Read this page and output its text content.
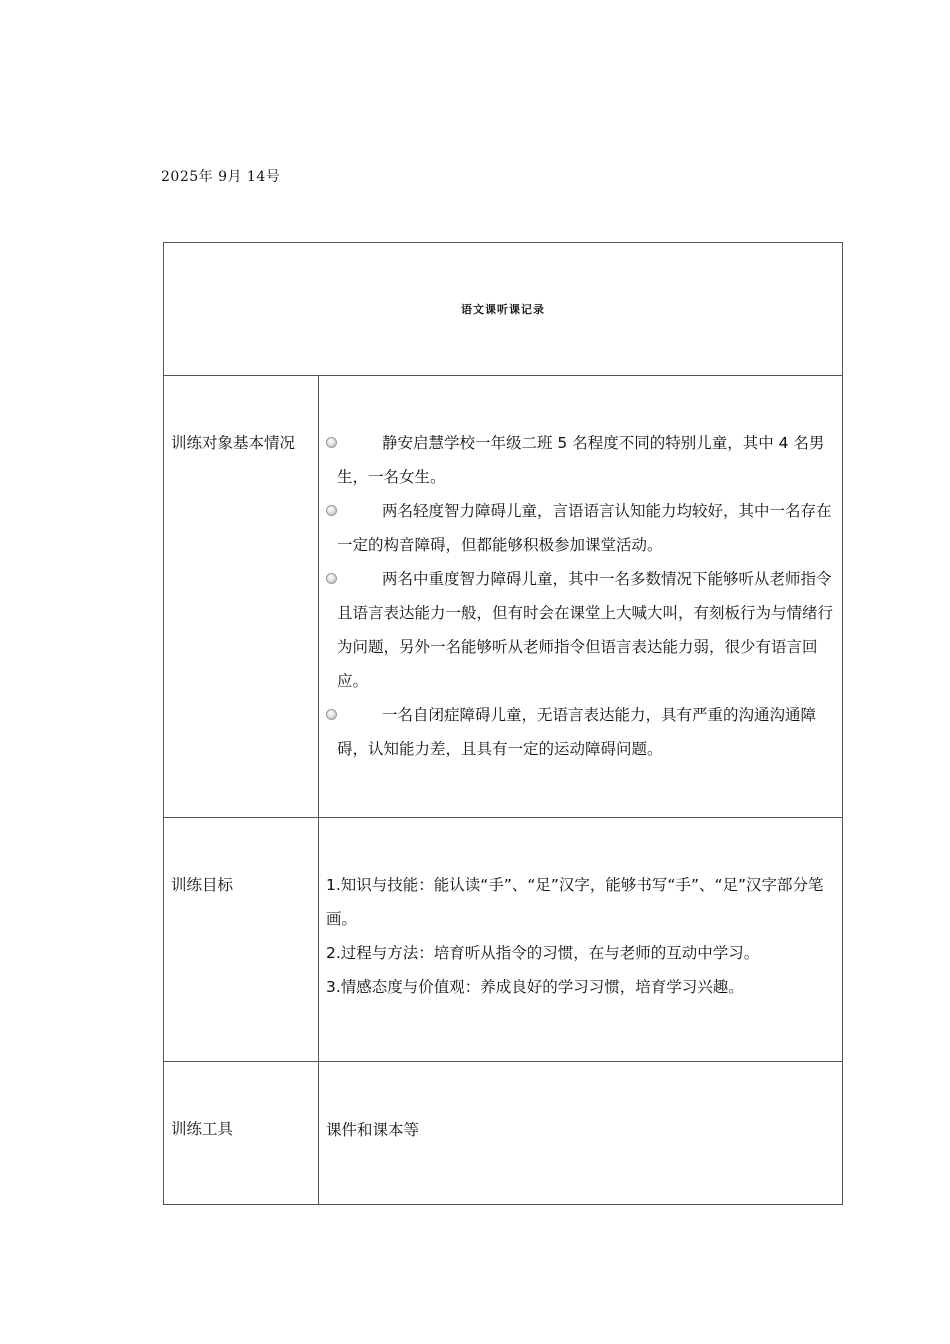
2025年 9月 14号
语文课听课记录
训练对象基本情况	静安启慧学校一年级二班 5 名程度不同的特别儿童，其中 4 名男生，一名女生。
两名轻度智力障碍儿童，言语语言认知能力均较好，其中一名存在一定的构音障碍，但都能够积极参加课堂活动。
两名中重度智力障碍儿童，其中一名多数情况下能够听从老师指令且语言表达能力一般，但有时会在课堂上大喊大叫，有刻板行为与情绪行为问题，另外一名能够听从老师指令但语言表达能力弱，很少有语言回应。
一名自闭症障碍儿童，无语言表达能力，具有严重的沟通沟通障碍，认知能力差，且具有一定的运动障碍问题。
训练目标	1.知识与技能：能认读“手”、“足”汉字，能够书写“手”、“足”汉字部分笔画。
2.过程与方法：培育听从指令的习惯，在与老师的互动中学习。
3.情感态度与价值观：养成良好的学习习惯，培育学习兴趣。
训练工具	课件和课本等
